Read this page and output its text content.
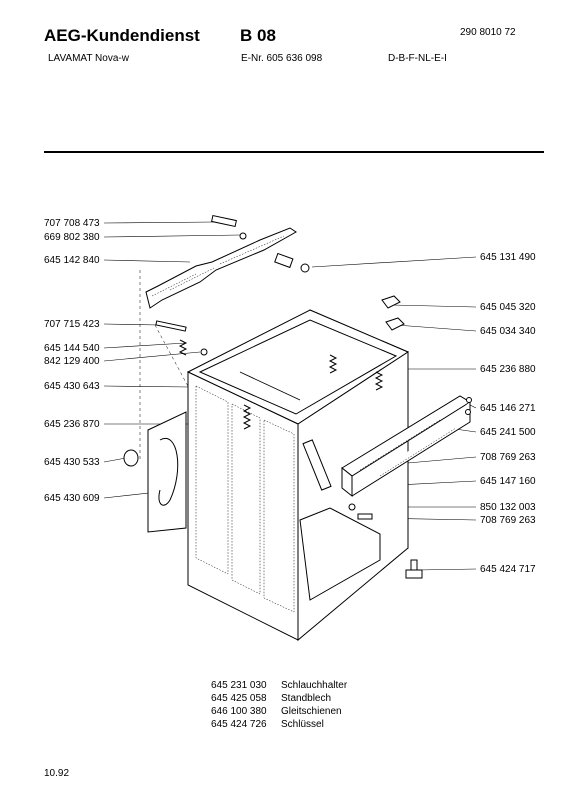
AEG-Kundendienst B 08	290 8010 72
LAVAMAT Nova-w	E-Nr. 605 636 098	D-B-F-NL-E-I
707 708 473
669 802 380
645 142 840
707 715 423
645 144 540
842 129 400
645 430 643
645 236 870
645 430 533
645 430 609
645 131 490
645 045 320
645 034 340
645 236 880
645 146 271
645 241 500
708 769 263
645 147 160
850 132 003
708 769 263
645 424 717
645 231 030 Schlauchhalter
645 425 058 Standblech
646 100 380 Gleitschienen
645 424 726 Schlüssel
10.92
